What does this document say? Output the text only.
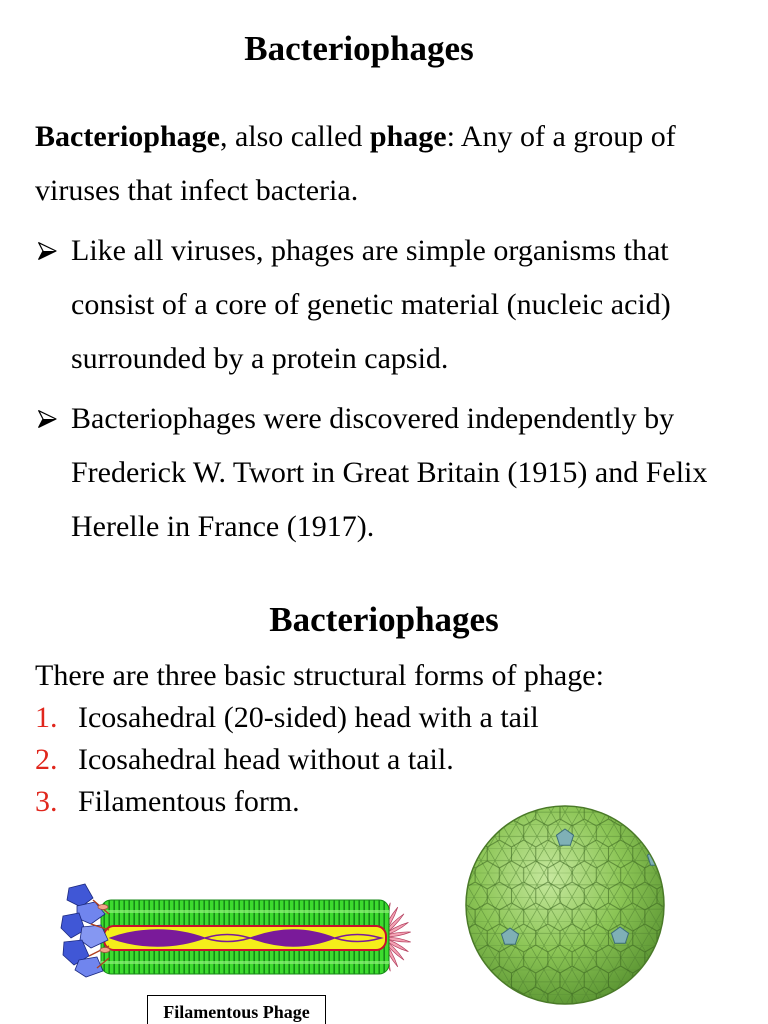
Bacteriophages

Bacteriophage, also called phage: Any of a group of viruses that infect bacteria.

Like all viruses, phages are simple organisms that consist of a core of genetic material (nucleic acid) surrounded by a protein capsid.
Bacteriophages were discovered independently by Frederick W. Twort in Great Britain (1915) and Felix Herelle in France (1917).
Bacteriophages

There are three basic structural forms of phage:

1. Icosahedral (20-sided) head with a tail
2. Icosahedral head without a tail.
3. Filamentous form.
Filamentous Phage
